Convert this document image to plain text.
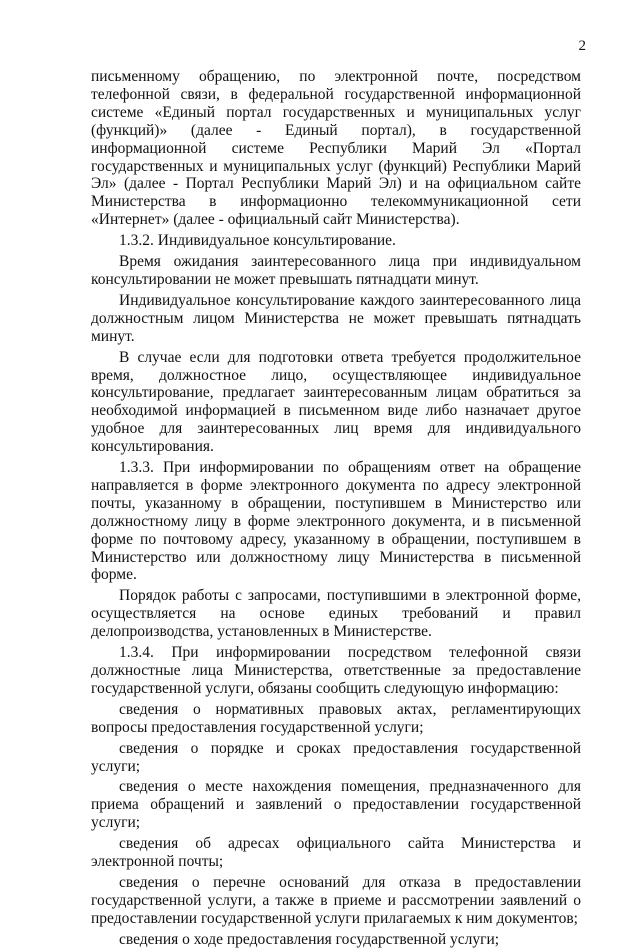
2

письменному обращению, по электронной почте, посредством телефонной связи, в федеральной государственной информационной системе «Единый портал государственных и муниципальных услуг (функций)» (далее - Единый портал), в государственной информационной системе Республики Марий Эл «Портал государственных и муниципальных услуг (функций) Республики Марий Эл» (далее - Портал Республики Марий Эл) и на официальном сайте Министерства в информационно телекоммуникационной сети «Интернет» (далее - официальный сайт Министерства).

1.3.2. Индивидуальное консультирование.

Время ожидания заинтересованного лица при индивидуальном консультировании не может превышать пятнадцати минут.

Индивидуальное консультирование каждого заинтересованного лица должностным лицом Министерства не может превышать пятнадцать минут.

В случае если для подготовки ответа требуется продолжительное время, должностное лицо, осуществляющее индивидуальное консультирование, предлагает заинтересованным лицам обратиться за необходимой информацией в письменном виде либо назначает другое удобное для заинтересованных лиц время для индивидуального консультирования.

1.3.3. При информировании по обращениям ответ на обращение направляется в форме электронного документа по адресу электронной почты, указанному в обращении, поступившем в Министерство или должностному лицу в форме электронного документа, и в письменной форме по почтовому адресу, указанному в обращении, поступившем в Министерство или должностному лицу Министерства в письменной форме.

Порядок работы с запросами, поступившими в электронной форме, осуществляется на основе единых требований и правил делопроизводства, установленных в Министерстве.

1.3.4. При информировании посредством телефонной связи должностные лица Министерства, ответственные за предоставление государственной услуги, обязаны сообщить следующую информацию:

сведения о нормативных правовых актах, регламентирующих вопросы предоставления государственной услуги;

сведения о порядке и сроках предоставления государственной услуги;

сведения о месте нахождения помещения, предназначенного для приема обращений и заявлений о предоставлении государственной услуги;

сведения об адресах официального сайта Министерства и электронной почты;

сведения о перечне оснований для отказа в предоставлении государственной услуги, а также в приеме и рассмотрении заявлений о предоставлении государственной услуги прилагаемых к ним документов;

сведения о ходе предоставления государственной услуги;
